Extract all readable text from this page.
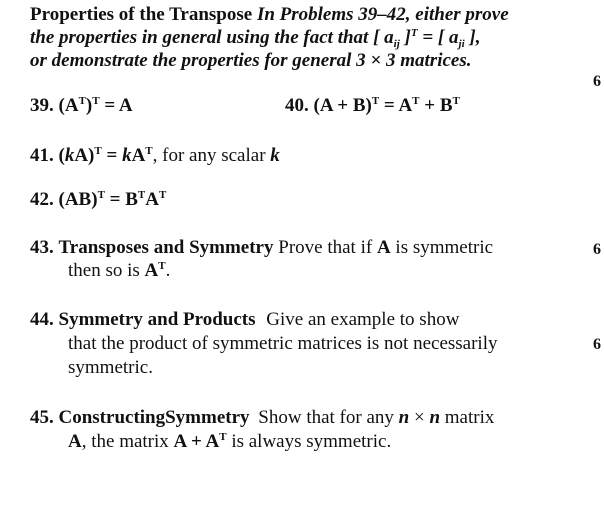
Properties of the Transpose In Problems 39–42, either prove
the properties in general using the fact that [ $a_{ij}$ ]$^T$ = [ $a_{ji}$ ],
or demonstrate the properties for general 3 × 3 matrices.
6
39. $(A^T)^T = A$	40. $(A + B)^T = A^T + B^T$
41. $(kA)^T = kA^T$, for any scalar k
42. $(AB)^T = B^TA^T$
43. Transposes and Symmetry Prove that if A is symmetric
then so is $A^T$.
6
44. Symmetry and Products Give an example to show
that the product of symmetric matrices is not necessarily
symmetric.
6
45. ConstructingSymmetry Show that for any n × n matrix
A, the matrix $A + A^T$ is always symmetric.
